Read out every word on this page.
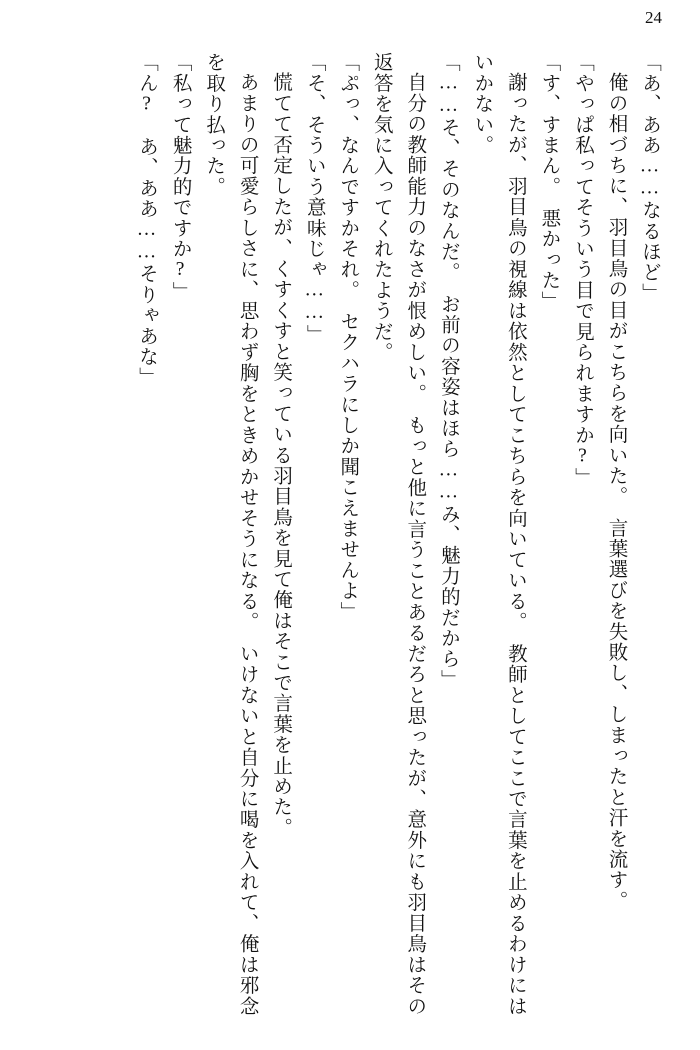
24

「あ、ああ……なるほど」

俺の相づちに、羽目鳥の目がこちらを向いた。　言葉選びを失敗し、しまったと汗を流す。

「やっぱ私ってそういう目で見られますか?」

「す、すまん。　悪かった」

謝ったが、羽目鳥の視線は依然としてこちらを向いている。　教師としてここで言葉を止めるわけにはいかない。

「……そ、そのなんだ。　お前の容姿はほら……み、魅力的だから」

自分の教師能力のなさが恨めしい。　もっと他に言うことあるだろと思ったが、意外にも羽目鳥はその返答を気に入ってくれたようだ。

「ぷっ、なんですかそれ。　セクハラにしか聞こえませんよ」

「そ、そういう意味じゃ……」

慌てて否定したが、くすくすと笑っている羽目鳥を見て俺はそこで言葉を止めた。

あまりの可愛らしさに、思わず胸をときめかせそうになる。　いけないと自分に喝を入れて、俺は邪念を取り払った。

「私って魅力的ですか?」

「ん?　あ、ああ……そりゃあな」
